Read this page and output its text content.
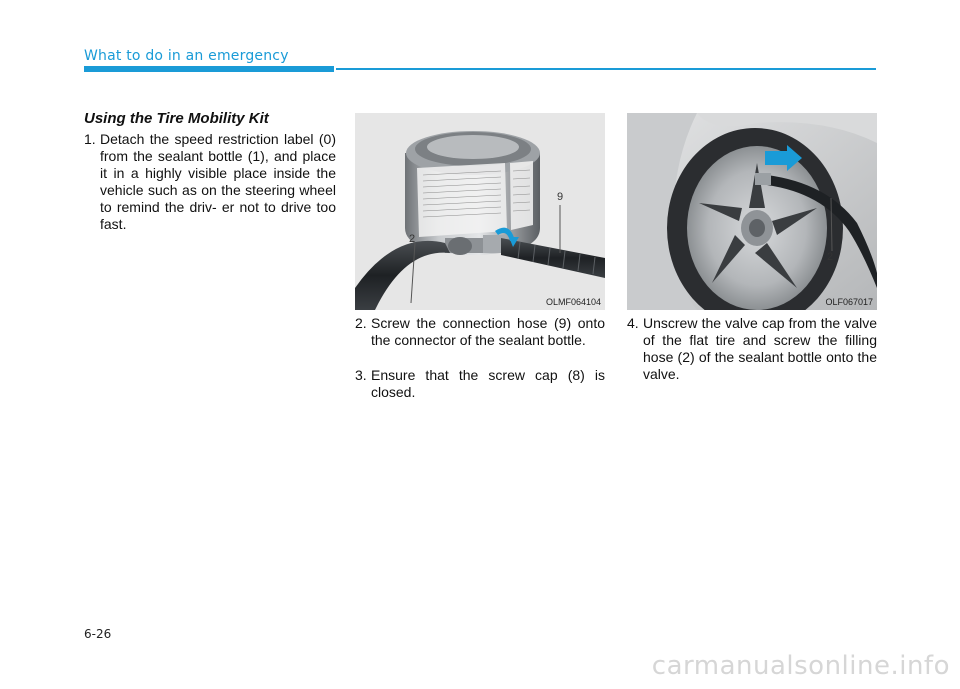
What to do in an emergency
Using the Tire Mobility Kit
1. Detach the speed restriction label (0) from the sealant bottle (1), and place it in a highly visible place inside the vehicle such as on the steering wheel to remind the driv- er not to drive too fast.
2
9
OLMF064104
2
OLF067017
2. Screw the connection hose (9) onto the connector of the sealant bottle.
3. Ensure that the screw cap (8) is closed.
4. Unscrew the valve cap from the valve of the flat tire and screw the filling hose (2) of the sealant bottle onto the valve.
6-26
carmanualsonline.info
